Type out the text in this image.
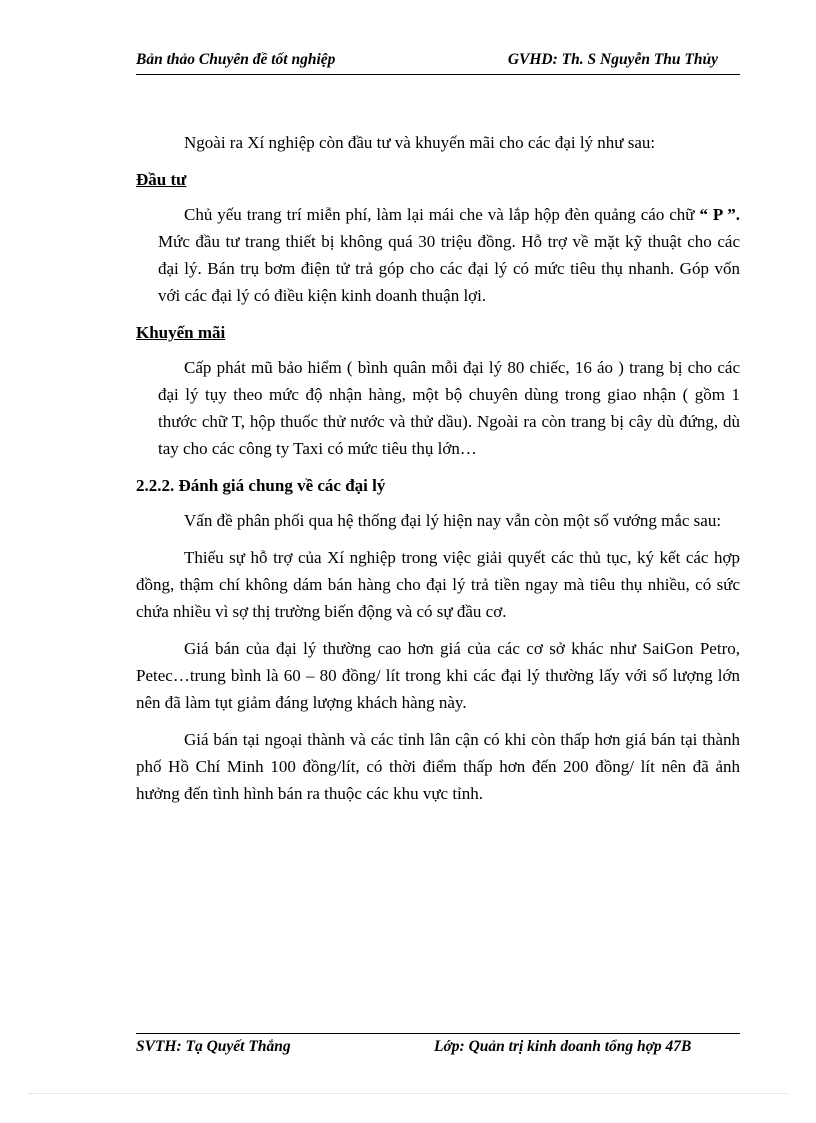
Bản thảo Chuyên đề tốt nghiệp	GVHD: Th. S Nguyễn Thu Thủy

Ngoài ra Xí nghiệp còn đầu tư và khuyến mãi cho các đại lý như sau:

Đầu tư

Chủ yếu trang trí miễn phí, làm lại mái che và lắp hộp đèn quảng cáo chữ “ P ”. Mức đầu tư trang thiết bị không quá 30 triệu đồng. Hỗ trợ về mặt kỹ thuật cho các đại lý. Bán trụ bơm điện tử trả góp cho các đại lý có mức tiêu thụ nhanh. Góp vốn với các đại lý có điều kiện kinh doanh thuận lợi.

Khuyến mãi

Cấp phát mũ bảo hiểm ( bình quân mỗi đại lý 80 chiếc, 16 áo ) trang bị cho các đại lý tụy theo mức độ nhận hàng, một bộ chuyên dùng trong giao nhận ( gồm 1 thước chữ T, hộp thuốc thử nước và thử dầu). Ngoài ra còn trang bị cây dù đứng, dù tay cho các công ty Taxi có mức tiêu thụ lớn…

2.2.2. Đánh giá chung về các đại lý

Vấn đề phân phối qua hệ thống đại lý hiện nay vẫn còn một số vướng mắc sau:

Thiếu sự hỗ trợ của Xí nghiệp trong việc giải quyết các thủ tục, ký kết các hợp đồng, thậm chí không dám bán hàng cho đại lý trả tiền ngay mà tiêu thụ nhiều, có sức chứa nhiều vì sợ thị trường biến động và có sự đầu cơ.

Giá bán của đại lý thường cao hơn giá của các cơ sở khác như SaiGon Petro, Petec…trung bình là 60 – 80 đồng/ lít trong khi các đại lý thường lấy với số lượng lớn nên đã làm tụt giảm đáng lượng khách hàng này.

Giá bán tại ngoại thành và các tỉnh lân cận có khi còn thấp hơn giá bán tại thành phố Hồ Chí Minh 100 đồng/lít, có thời điểm thấp hơn đến 200 đồng/ lít nên đã ảnh hưởng đến tình hình bán ra thuộc các khu vực tỉnh.

SVTH: Tạ Quyết Thắng	Lớp: Quản trị kinh doanh tổng hợp 47B
